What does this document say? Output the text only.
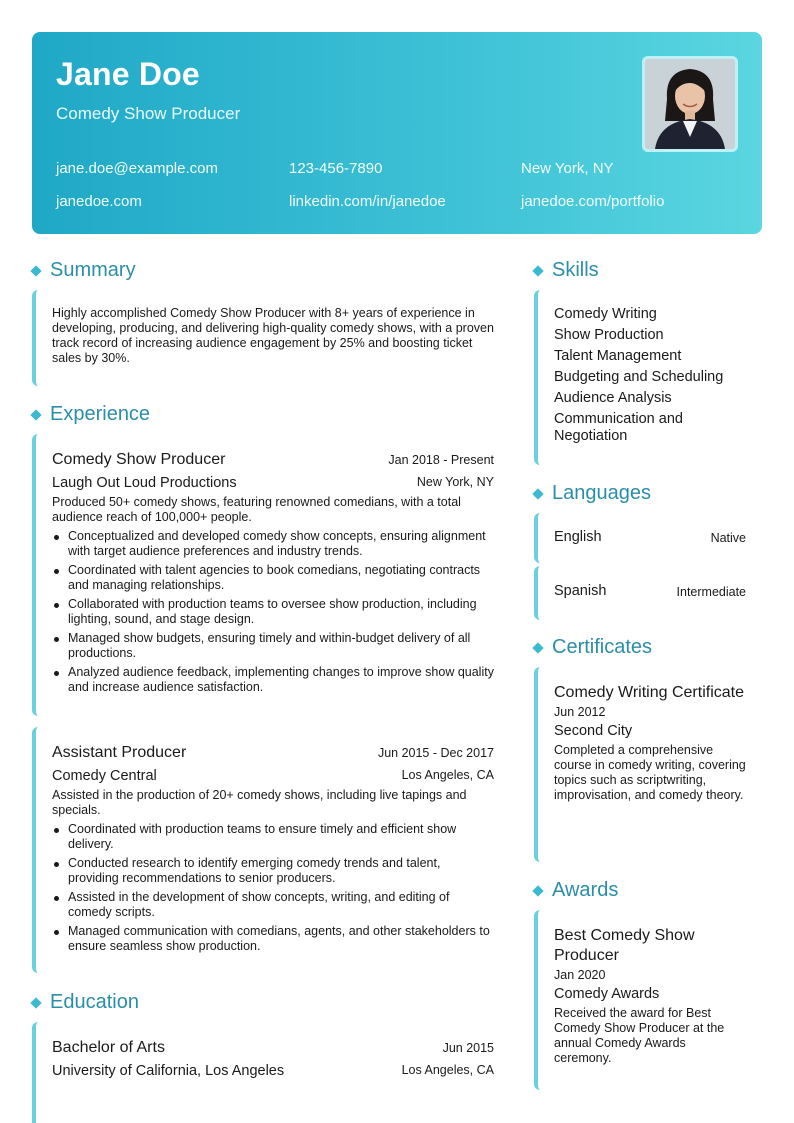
Jane Doe
Comedy Show Producer
jane.doe@example.com	123-456-7890	New York, NY
janedoe.com	linkedin.com/in/janedoe	janedoe.com/portfolio
Summary
Highly accomplished Comedy Show Producer with 8+ years of experience in developing, producing, and delivering high-quality comedy shows, with a proven track record of increasing audience engagement by 25% and boosting ticket sales by 30%.
Experience
Comedy Show Producer	Jan 2018 - Present
Laugh Out Loud Productions	New York, NY
Produced 50+ comedy shows, featuring renowned comedians, with a total audience reach of 100,000+ people.
Conceptualized and developed comedy show concepts, ensuring alignment with target audience preferences and industry trends.
Coordinated with talent agencies to book comedians, negotiating contracts and managing relationships.
Collaborated with production teams to oversee show production, including lighting, sound, and stage design.
Managed show budgets, ensuring timely and within-budget delivery of all productions.
Analyzed audience feedback, implementing changes to improve show quality and increase audience satisfaction.
Assistant Producer	Jun 2015 - Dec 2017
Comedy Central	Los Angeles, CA
Assisted in the production of 20+ comedy shows, including live tapings and specials.
Coordinated with production teams to ensure timely and efficient show delivery.
Conducted research to identify emerging comedy trends and talent, providing recommendations to senior producers.
Assisted in the development of show concepts, writing, and editing of comedy scripts.
Managed communication with comedians, agents, and other stakeholders to ensure seamless show production.
Education
Bachelor of Arts	Jun 2015
University of California, Los Angeles	Los Angeles, CA
Skills
Comedy Writing
Show Production
Talent Management
Budgeting and Scheduling
Audience Analysis
Communication and Negotiation
Languages
English	Native
Spanish	Intermediate
Certificates
Comedy Writing Certificate
Jun 2012
Second City
Completed a comprehensive course in comedy writing, covering topics such as scriptwriting, improvisation, and comedy theory.
Awards
Best Comedy Show Producer
Jan 2020
Comedy Awards
Received the award for Best Comedy Show Producer at the annual Comedy Awards ceremony.
